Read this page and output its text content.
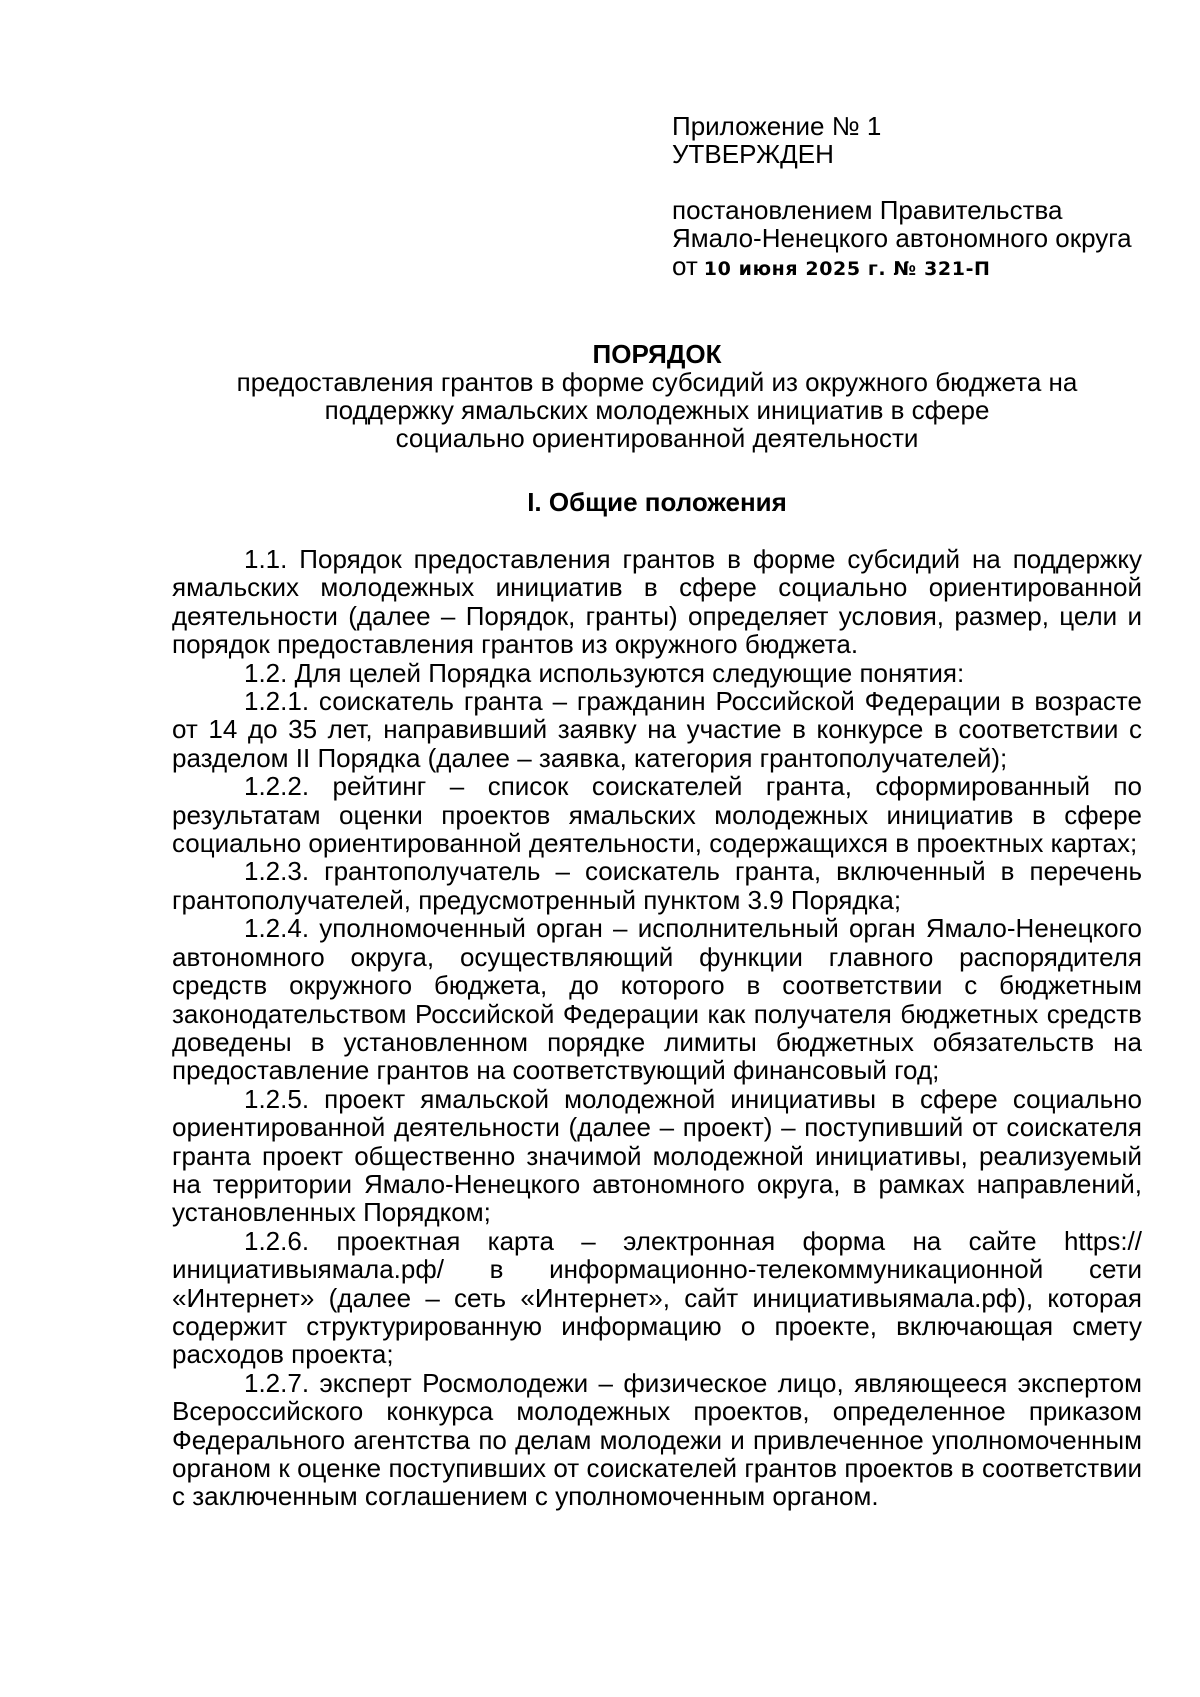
Приложение № 1
УТВЕРЖДЕН
постановлением Правительства
Ямало-Ненецкого автономного округа
от 10 июня 2025 г. № 321-П
ПОРЯДОК
предоставления грантов в форме субсидий из окружного бюджета на
поддержку ямальских молодежных инициатив в сфере
социально ориентированной деятельности
I. Общие положения

1.1. Порядок предоставления грантов в форме субсидий на поддержку ямальских молодежных инициатив в сфере социально ориентированной деятельности (далее – Порядок, гранты) определяет условия, размер, цели и порядок предоставления грантов из окружного бюджета.

1.2. Для целей Порядка используются следующие понятия:

1.2.1. соискатель гранта – гражданин Российской Федерации в возрасте от 14 до 35 лет, направивший заявку на участие в конкурсе в соответствии с разделом II Порядка (далее – заявка, категория грантополучателей);

1.2.2. рейтинг – список соискателей гранта, сформированный по результатам оценки проектов ямальских молодежных инициатив в сфере социально ориентированной деятельности, содержащихся в проектных картах;

1.2.3. грантополучатель – соискатель гранта, включенный в перечень грантополучателей, предусмотренный пунктом 3.9 Порядка;

1.2.4. уполномоченный орган – исполнительный орган Ямало-Ненецкого автономного округа, осуществляющий функции главного распорядителя средств окружного бюджета, до которого в соответствии с бюджетным законодательством Российской Федерации как получателя бюджетных средств доведены в установленном порядке лимиты бюджетных обязательств на предоставление грантов на соответствующий финансовый год;

1.2.5. проект ямальской молодежной инициативы в сфере социально ориентированной деятельности (далее – проект) – поступивший от соискателя гранта проект общественно значимой молодежной инициативы, реализуемый на территории Ямало-Ненецкого автономного округа, в рамках направлений, установленных Порядком;

1.2.6. проектная карта – электронная форма на сайте https://инициативыямала.рф/ в информационно-телекоммуникационной сети «Интернет» (далее – сеть «Интернет», сайт инициативыямала.рф), которая содержит структурированную информацию о проекте, включающая смету расходов проекта;

1.2.7. эксперт Росмолодежи – физическое лицо, являющееся экспертом Всероссийского конкурса молодежных проектов, определенное приказом Федерального агентства по делам молодежи и привлеченное уполномоченным органом к оценке поступивших от соискателей грантов проектов в соответствии с заключенным соглашением с уполномоченным органом.
